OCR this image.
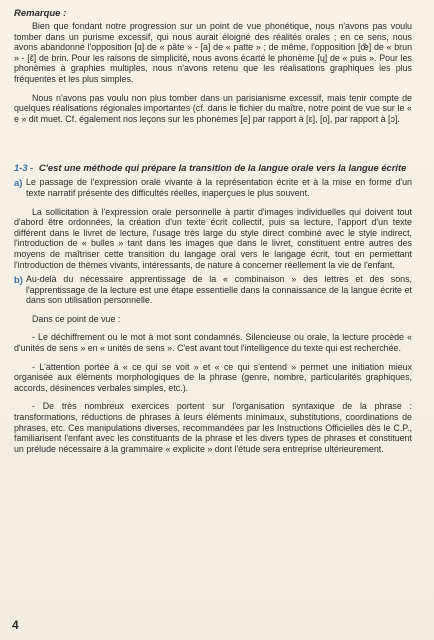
Remarque :

Bien que fondant notre progression sur un point de vue phonétique, nous n'avons pas voulu tomber dans un purisme excessif, qui nous aurait éloigné des réalités orales ; en ce sens, nous avons abandonné l'opposition [ɑ] de « pâte » - [a] de « patte » ; de même, l'opposition [œ̃] de « brun » - [ɛ̃] de brin. Pour les raisons de simplicité, nous avons écarté le phonème [ɥ] de « puis ». Pour les phonèmes à graphies multiples, nous n'avons retenu que les réalisations graphiques les plus fréquentes et les plus simples.

Nous n'avons pas voulu non plus tomber dans un parisianisme excessif, mais tenir compte de quelques réalisations régionales importantes (cf. dans le fichier du maître, notre point de vue sur le « e » dit muet. Cf. également nos leçons sur les phonèmes [e] par rapport à [ɛ], [o], par rapport à [ɔ].

1-3 - C'est une méthode qui prépare la transition de la langue orale vers la langue écrite
a) Le passage de l'expression orale vivante à la représentation écrite et à la mise en forme d'un texte narratif présente des difficultés réelles, inaperçues le plus souvent.

La sollicitation à l'expression orale personnelle à partir d'images individuelles qui doivent tout d'abord être ordonnées, la création d'un texte écrit collectif, puis sa lecture, l'apport d'un texte différent dans le livret de lecture, l'usage très large du style direct combiné avec le style indirect, l'introduction de « bulles » tant dans les images que dans le livret, constituent entre autres des moyens de maîtriser cette transition du langage oral vers le langage écrit, tout en permettant l'introduction de thèmes vivants, intéressants, de nature à concerner réellement la vie de l'enfant.

b) Au-delà du nécessaire apprentissage de la « combinaison » des lettres et des sons, l'apprentissage de la lecture est une étape essentielle dans la connaissance de la langue écrite et dans son utilisation personnelle.

Dans ce point de vue :

- Le déchiffrement ou le mot à mot sont condamnés. Silencieuse ou orale, la lecture procède « d'unités de sens » en « unités de sens ». C'est avant tout l'intelligence du texte qui est recherchée.

- L'attention portée à « ce qui se voit » et « ce qui s'entend » permet une initiation mieux organisée aux éléments morphologiques de la phrase (genre, nombre, particularités graphiques, accords, désinences verbales simples, etc.).

- De très nombreux exercices portent sur l'organisation syntaxique de la phrase : transformations, réductions de phrases à leurs éléments minimaux, substitutions, coordinations de phrases, etc. Ces manipulations diverses, recommandées par les Instructions Officielles dès le C.P., familiarisent l'enfant avec les constituants de la phrase et les divers types de phrases et constituent un prélude nécessaire à la grammaire « explicite » dont l'étude sera entreprise ultérieurement.

4
